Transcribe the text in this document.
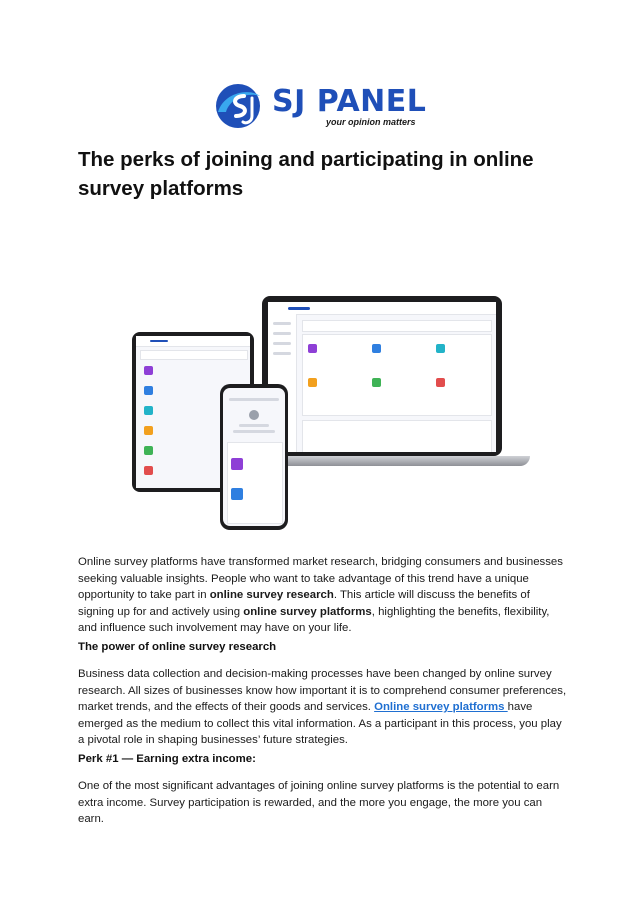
SJ PANEL
your opinion matters
The perks of joining and participating in online survey platforms

Online survey platforms have transformed market research, bridging consumers and businesses seeking valuable insights. People who want to take advantage of this trend have a unique opportunity to take part in online survey research. This article will discuss the benefits of signing up for and actively using online survey platforms, highlighting the benefits, flexibility, and influence such involvement may have on your life.

The power of online survey research

Business data collection and decision-making processes have been changed by online survey research. All sizes of businesses know how important it is to comprehend consumer preferences, market trends, and the effects of their goods and services. Online survey platforms have emerged as the medium to collect this vital information. As a participant in this process, you play a pivotal role in shaping businesses’ future strategies.

Perk #1 — Earning extra income:
One of the most significant advantages of joining online survey platforms is the potential to earn extra income. Survey participation is rewarded, and the more you engage, the more you can earn.
